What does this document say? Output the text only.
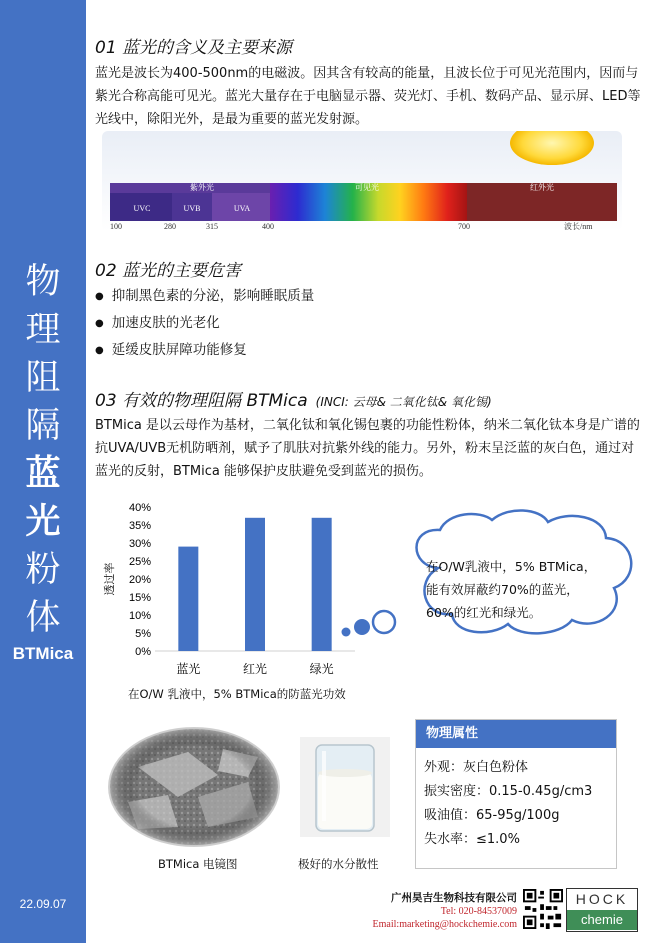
物
理
阻
隔
蓝
光
粉
体
BTMica
22.09.07
01 蓝光的含义及主要来源
蓝光是波长为400-500nm的电磁波。因其含有较高的能量，且波长位于可见光范围内，因而与紫光合称高能可见光。蓝光大量存在于电脑显示器、荧光灯、手机、数码产品、显示屏、LED等光线中，除阳光外，是最为重要的蓝光发射源。
UVC	UVB	UVA
紫外光	可见光	红外光
100	280	315	400	700	波长/nm
02 蓝光的主要危害
● 抑制黑色素的分泌，影响睡眠质量
● 加速皮肤的光老化
● 延缓皮肤屏障功能修复
03 有效的物理阻隔 BTMica (INCI: 云母& 二氧化钛& 氧化锡)
BTMica 是以云母作为基材，二氧化钛和氧化锡包裹的功能性粉体，纳米二氧化钛本身是广谱的抗UVA/UVB无机防晒剂，赋予了肌肤对抗紫外线的能力。另外，粉末呈泛蓝的灰白色，通过对蓝光的反射，BTMica 能够保护皮肤避免受到蓝光的损伤。
0%
5%
10%
15%
20%
25%
30%
35%
40%
透过率
蓝光	红光	绿光
在O/W 乳液中，5% BTMica的防蓝光功效
在O/W乳液中，5% BTMica，
能有效屏蔽约70%的蓝光，
60%的红光和绿光。
BTMica 电镜图	极好的水分散性
物理属性
外观：灰白色粉体
振实密度：0.15-0.45g/cm3
吸油值：65-95g/100g
失水率：≤1.0%
广州昊吉生物科技有限公司
Tel: 020-84537009
Email:marketing@hockchemie.com
HOCK
chemie
